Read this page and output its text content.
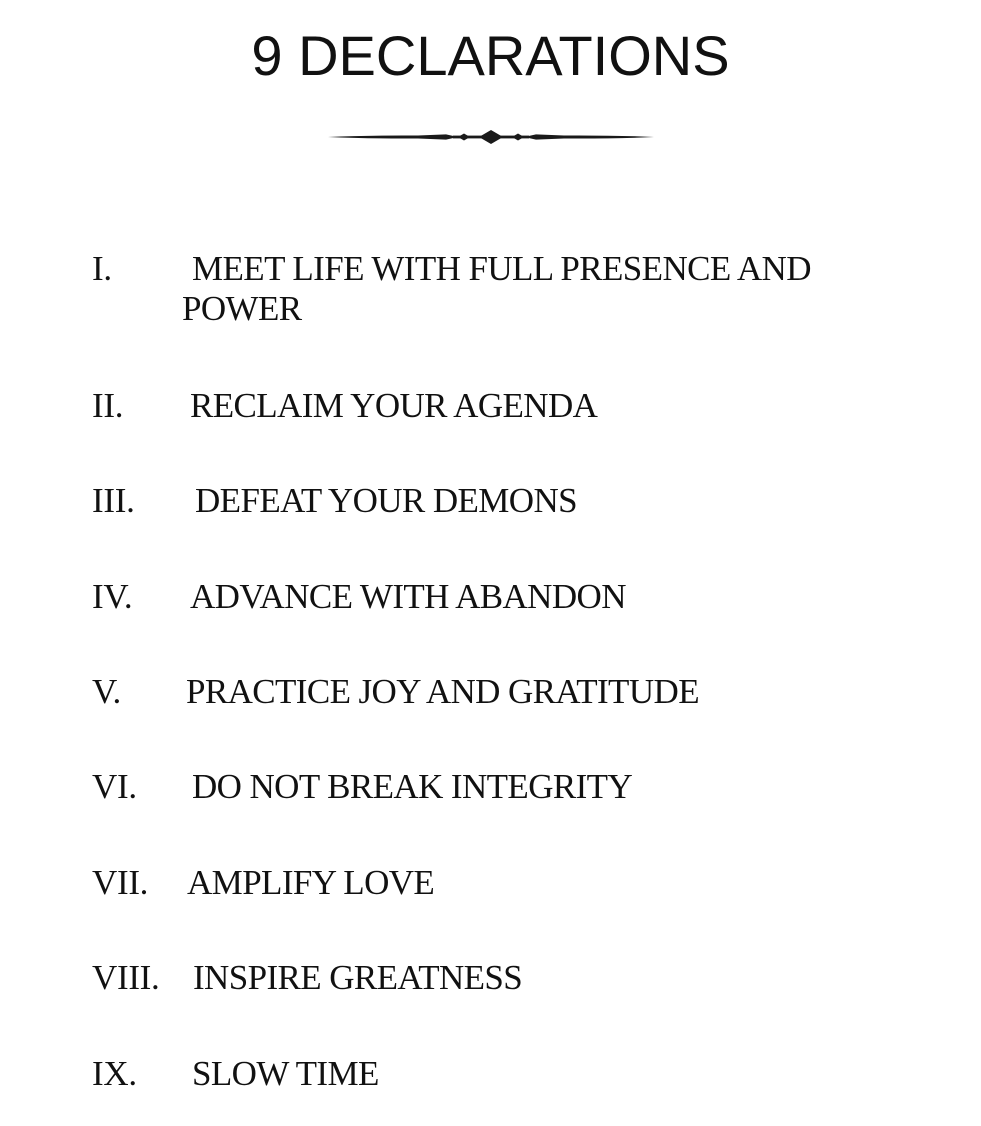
9 DECLARATIONS
I. MEET LIFE WITH FULL PRESENCE AND
POWER
II. RECLAIM YOUR AGENDA
III. DEFEAT YOUR DEMONS
IV. ADVANCE WITH ABANDON
V. PRACTICE JOY AND GRATITUDE
VI. DO NOT BREAK INTEGRITY
VII. AMPLIFY LOVE
VIII. INSPIRE GREATNESS
IX. SLOW TIME
